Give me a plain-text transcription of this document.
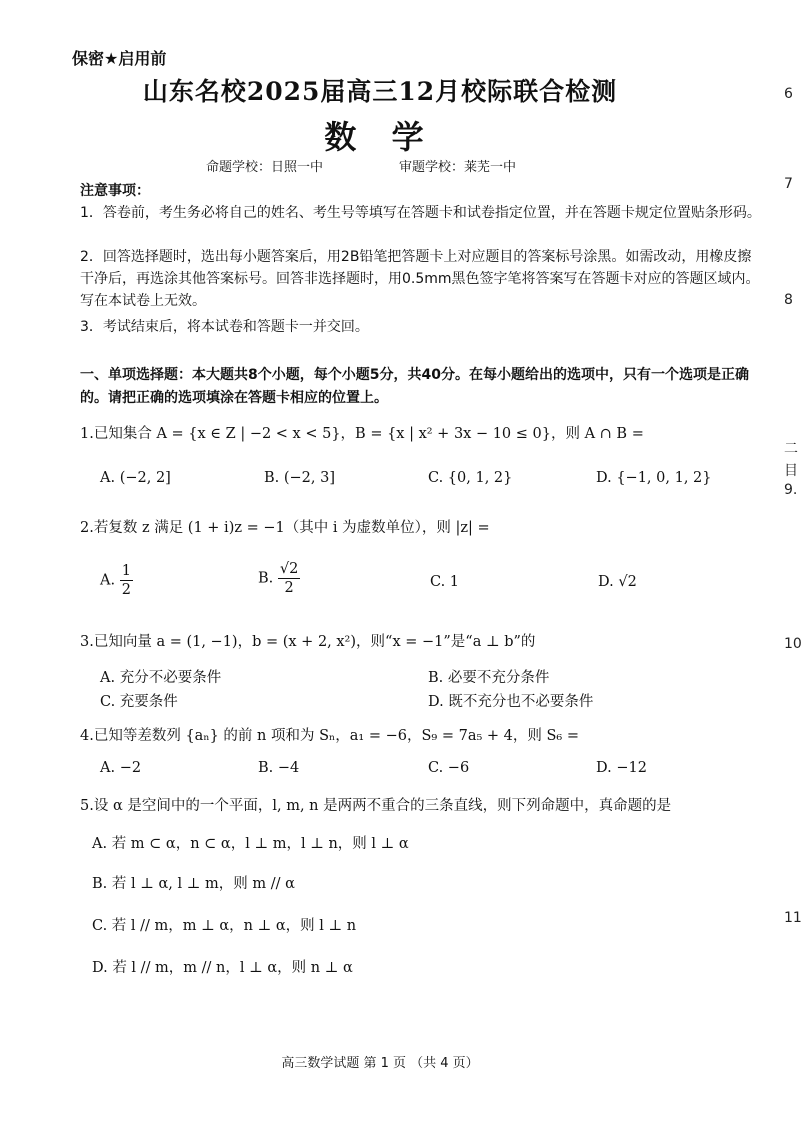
保密★启用前
山东名校2025届高三12月校际联合检测
数 学
命题学校：日照一中	审题学校：莱芜一中
注意事项：
1．答卷前，考生务必将自己的姓名、考生号等填写在答题卡和试卷指定位置，并在答题卡规定位置贴条形码。
2．回答选择题时，选出每小题答案后，用2B铅笔把答题卡上对应题目的答案标号涂黑。如需改动，用橡皮擦干净后，再选涂其他答案标号。回答非选择题时，用0.5mm黑色签字笔将答案写在答题卡对应的答题区域内。写在本试卷上无效。
3．考试结束后，将本试卷和答题卡一并交回。
一、单项选择题：本大题共8个小题，每个小题5分，共40分。在每小题给出的选项中，只有一个选项是正确的。请把正确的选项填涂在答题卡相应的位置上。
1.已知集合 A = {x ∈ Z | −2 < x < 5}，B = {x | x² + 3x − 10 ≤ 0}，则 A ∩ B =
A. (−2, 2]	B. (−2, 3]	C. {0, 1, 2}	D. {−1, 0, 1, 2}
2.若复数 z 满足 (1 + i)z = −1（其中 i 为虚数单位），则 |z| =
A. $\frac{1}{2}$	B. $\frac{√2}{2}$	C. 1	D. √2
3.已知向量 a = (1, −1)，b = (x + 2, x²)，则“x = −1”是“a ⊥ b”的
A. 充分不必要条件	B. 必要不充分条件
C. 充要条件	D. 既不充分也不必要条件
4.已知等差数列 {aₙ} 的前 n 项和为 Sₙ，a₁ = −6，S₉ = 7a₅ + 4，则 S₆ =
A. −2	B. −4	C. −6	D. −12
5.设 α 是空间中的一个平面，l, m, n 是两两不重合的三条直线，则下列命题中，真命题的是
A. 若 m ⊂ α，n ⊂ α，l ⊥ m，l ⊥ n，则 l ⊥ α
B. 若 l ⊥ α, l ⊥ m，则 m // α
C. 若 l // m，m ⊥ α，n ⊥ α，则 l ⊥ n
D. 若 l // m，m // n，l ⊥ α，则 n ⊥ α
高三数学试题 第 1 页 （共 4 页）
6
7
8
二
目
9.
10
11
